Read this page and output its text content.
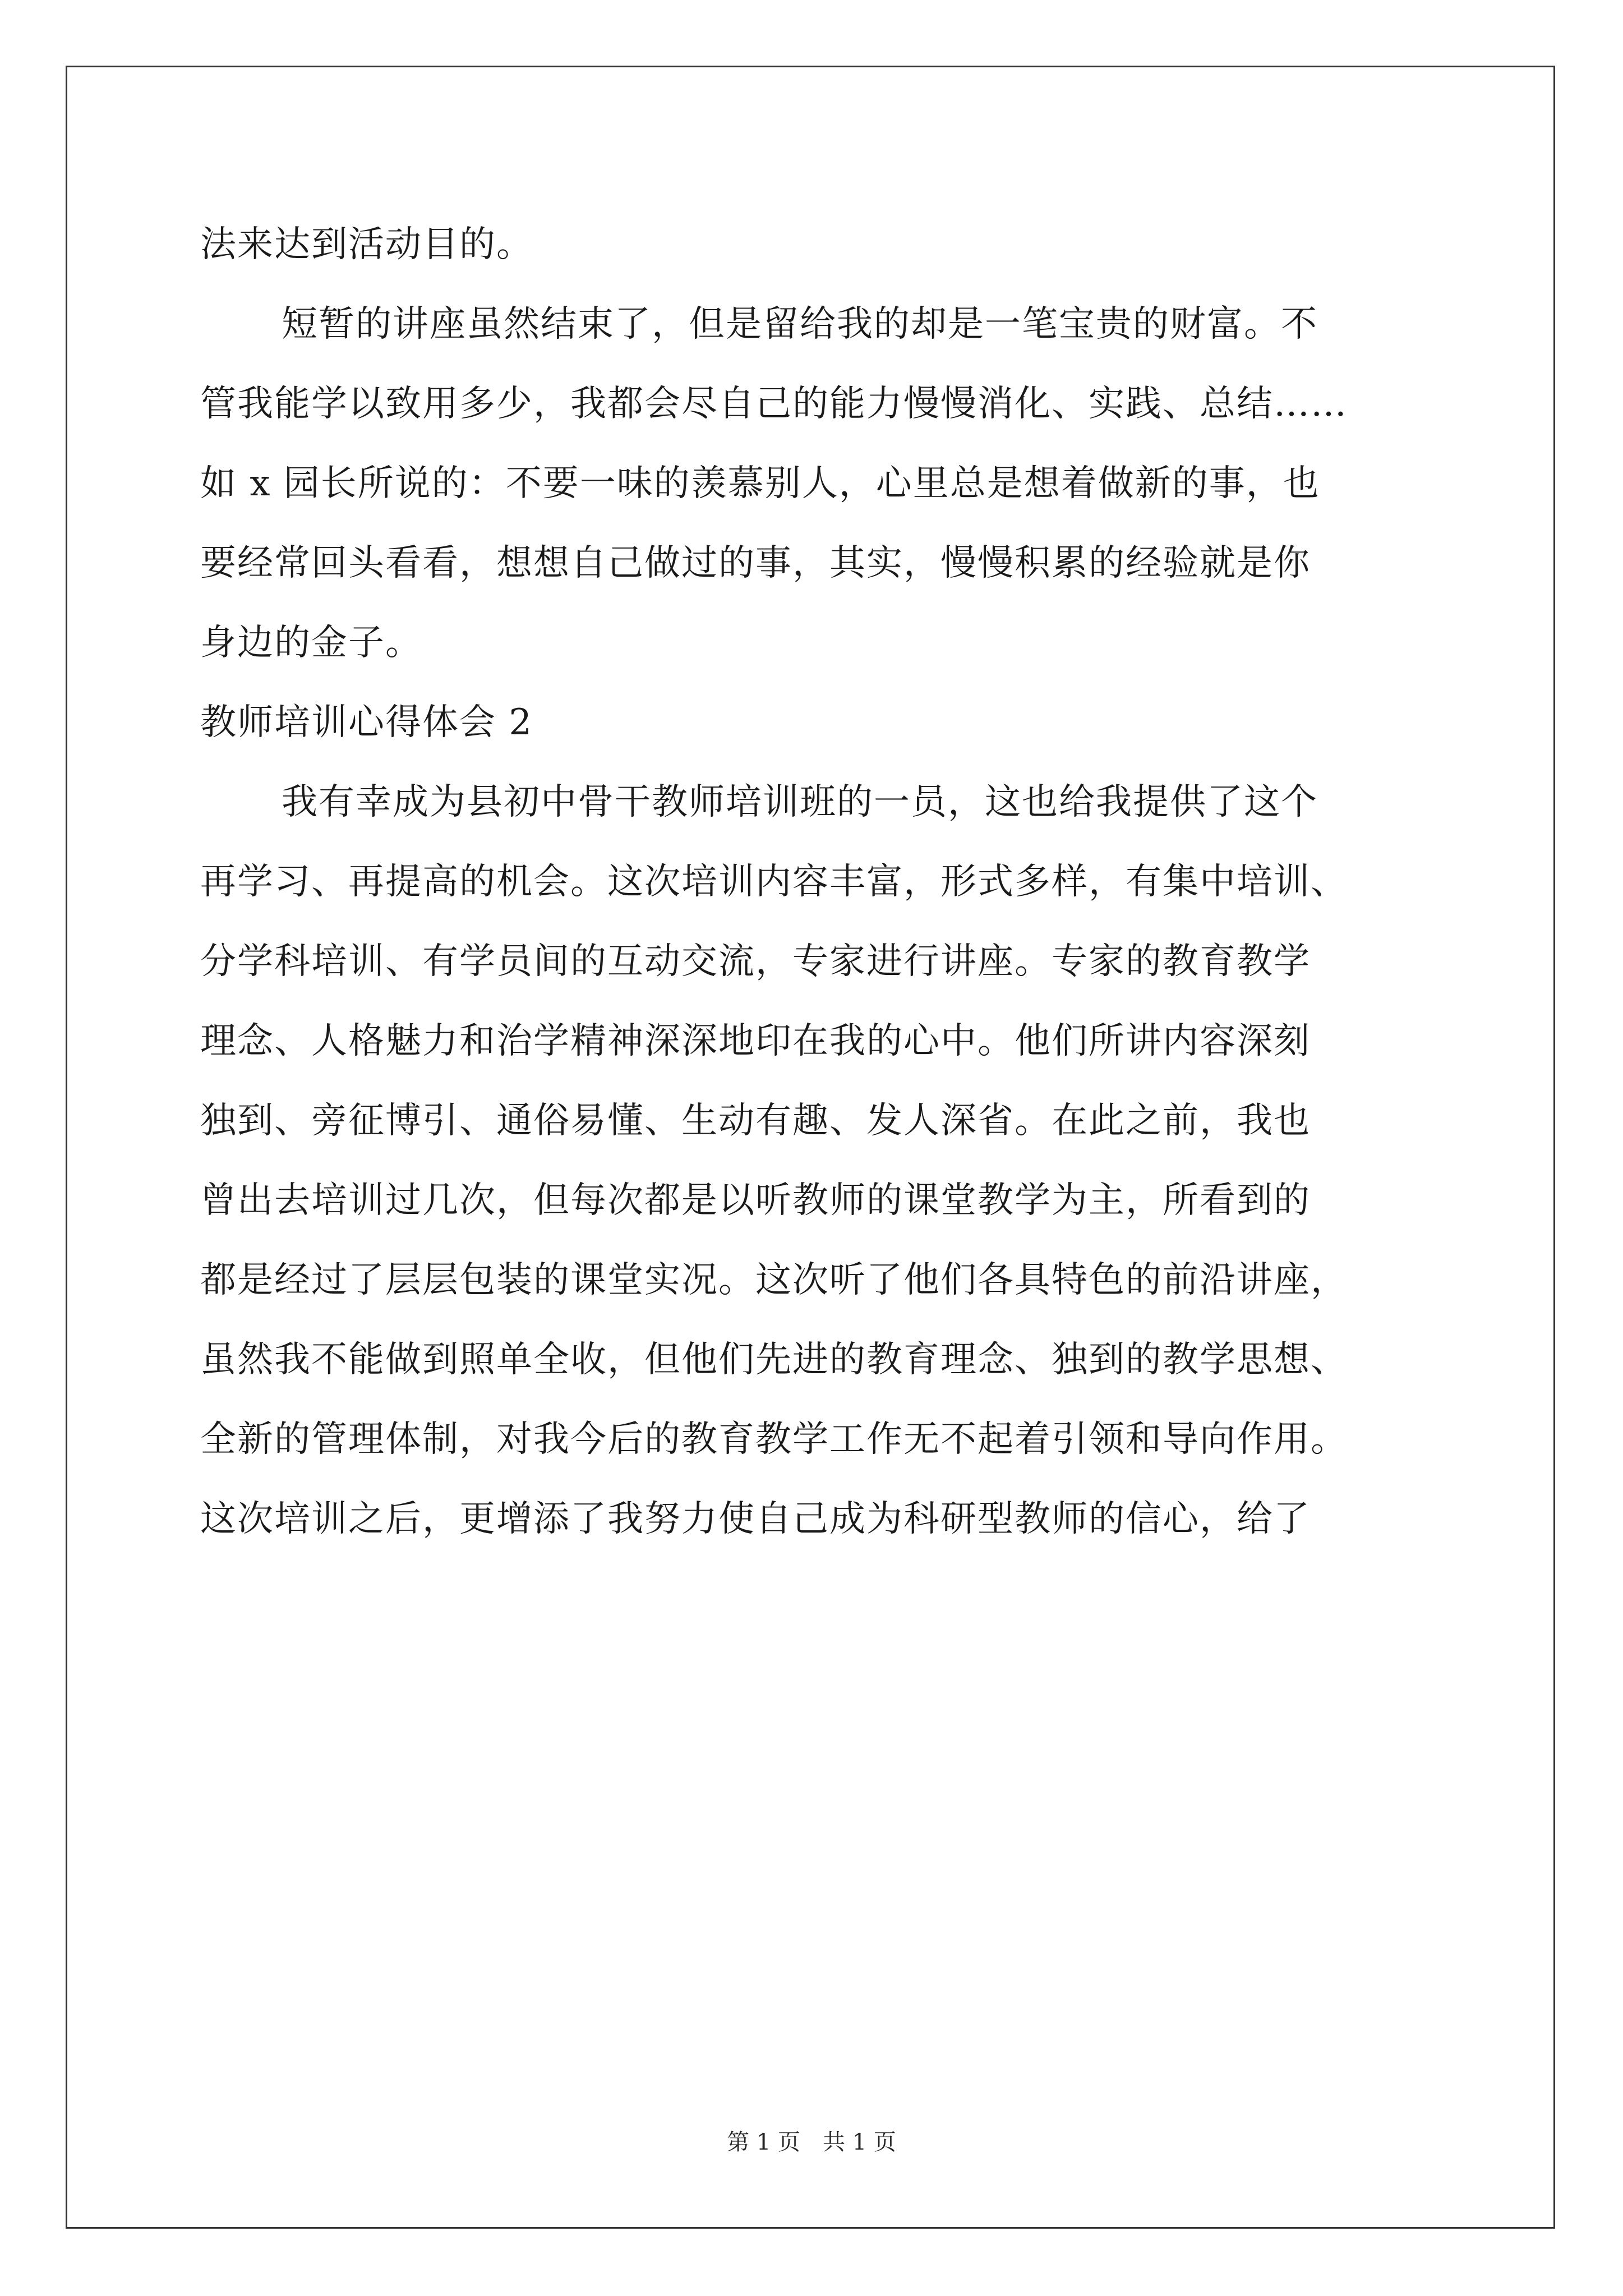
法来达到活动目的。
短暂的讲座虽然结束了，但是留给我的却是一笔宝贵的财富。不
管我能学以致用多少，我都会尽自己的能力慢慢消化、实践、总结……
如 x 园长所说的：不要一味的羡慕别人，心里总是想着做新的事，也
要经常回头看看，想想自己做过的事，其实，慢慢积累的经验就是你
身边的金子。
教师培训心得体会 2
我有幸成为县初中骨干教师培训班的一员，这也给我提供了这个
再学习、再提高的机会。这次培训内容丰富，形式多样，有集中培训、
分学科培训、有学员间的互动交流，专家进行讲座。专家的教育教学
理念、人格魅力和治学精神深深地印在我的心中。他们所讲内容深刻
独到、旁征博引、通俗易懂、生动有趣、发人深省。在此之前，我也
曾出去培训过几次，但每次都是以听教师的课堂教学为主，所看到的
都是经过了层层包装的课堂实况。这次听了他们各具特色的前沿讲座，
虽然我不能做到照单全收，但他们先进的教育理念、独到的教学思想、
全新的管理体制，对我今后的教育教学工作无不起着引领和导向作用。
这次培训之后，更增添了我努力使自己成为科研型教师的信心，给了
第 1 页　共 1 页
